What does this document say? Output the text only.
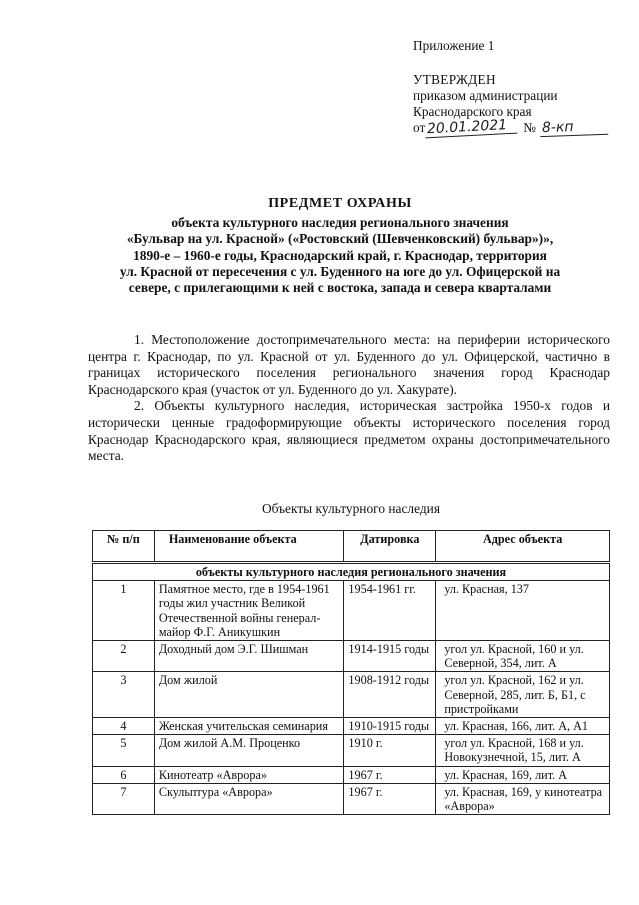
Приложение 1
УТВЕРЖДЕН
приказом администрации
Краснодарского края
от 20.01.2021	№ 8-кп
ПРЕДМЕТ ОХРАНЫ
объекта культурного наследия регионального значения
«Бульвар на ул. Красной» («Ростовский (Шевченковский) бульвар»)»,
1890-е – 1960-е годы, Краснодарский край, г. Краснодар, территория
ул. Красной от пересечения с ул. Буденного на юге до ул. Офицерской на
севере, с прилегающими к ней с востока, запада и севера кварталами

1. Местоположение достопримечательного места: на периферии исторического центра г. Краснодар, по ул. Красной от ул. Буденного до ул. Офицерской, частично в границах исторического поселения регионального значения город Краснодар Краснодарского края (участок от ул. Буденного до ул. Хакурате).

2. Объекты культурного наследия, историческая застройка 1950-х годов и исторически ценные градоформирующие объекты исторического поселения город Краснодар Краснодарского края, являющиеся предметом охраны достопримечательного места.

Объекты культурного наследия
№ п/п	Наименование объекта	Датировка	Адрес объекта
объекты культурного наследия регионального значения			
1	Памятное место, где в 1954-1961 годы жил участник Великой Отечественной войны генерал-майор Ф.Г. Аникушкин	1954-1961 гг.	ул. Красная, 137
2	Доходный дом Э.Г. Шишман	1914-1915 годы	угол ул. Красной, 160 и ул. Северной, 354, лит. А
3	Дом жилой	1908-1912 годы	угол ул. Красной, 162 и ул. Северной, 285, лит. Б, Б1, с пристройками
4	Женская учительская семинария	1910-1915 годы	ул. Красная, 166, лит. А, А1
5	Дом жилой А.М. Проценко	1910 г.	угол ул. Красной, 168 и ул. Новокузнечной, 15, лит. А
6	Кинотеатр «Аврора»	1967 г.	ул. Красная, 169, лит. А
7	Скульптура «Аврора»	1967 г.	ул. Красная, 169, у кинотеатра «Аврора»
